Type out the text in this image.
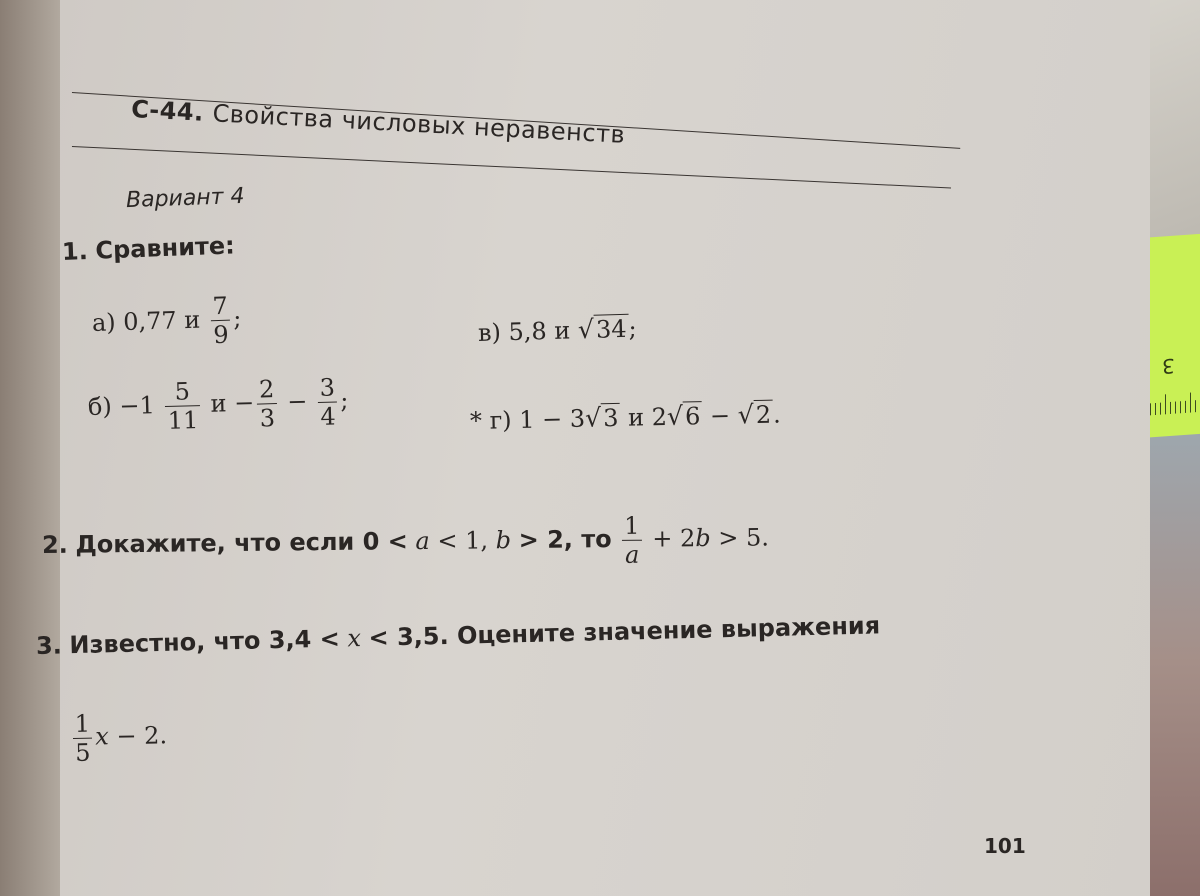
3
С-44. Свойства числовых неравенств
Вариант 4
1. Сравните:
а) 0,77 и $\frac{7}{9}$ ;	в) 5,8 и √ 34 ;
$б) -1 \frac{5}{11}$ $и - \frac{2}{3} - \frac{3}{4}$ ;
* г) 1 − 3 √ 3 и 2 √ 6 − √ 2 .
2. Докажите, что если 0 < a < 1, b > 2, то $\frac{1}{a} + 2b > 5$.
3. Известно, что 3,4 < x < 3,5. Оцените значение выражения
$\frac{1}{5}$ x − 2.
101
